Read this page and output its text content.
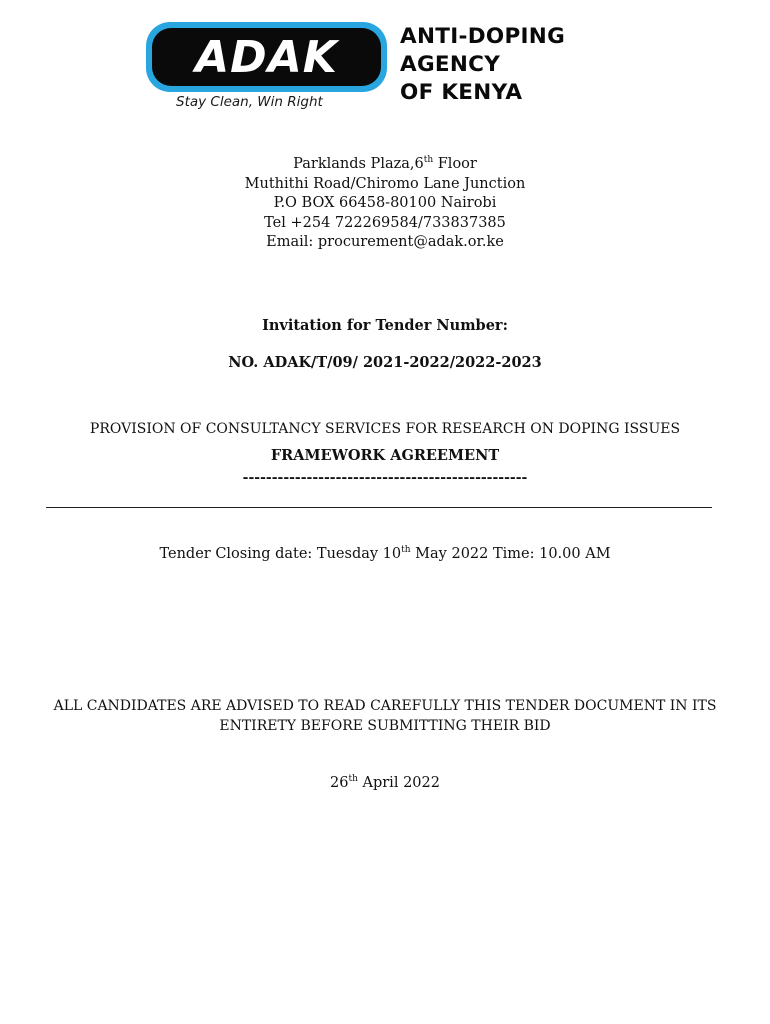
ADAK
Stay Clean, Win Right
ANTI-DOPING
AGENCY
OF KENYA
Parklands Plaza,6th Floor
Muthithi Road/Chiromo Lane Junction
P.O BOX 66458-80100 Nairobi
Tel +254 722269584/733837385
Email: procurement@adak.or.ke
Invitation for Tender Number:
NO. ADAK/T/09/ 2021-2022/2022-2023
PROVISION OF CONSULTANCY SERVICES FOR RESEARCH ON DOPING ISSUES
FRAMEWORK AGREEMENT
-------------------------------------------------
Tender Closing date: Tuesday 10th May 2022 Time: 10.00 AM
ALL CANDIDATES ARE ADVISED TO READ CAREFULLY THIS TENDER DOCUMENT IN ITS
ENTIRETY BEFORE SUBMITTING THEIR BID
26th April 2022
